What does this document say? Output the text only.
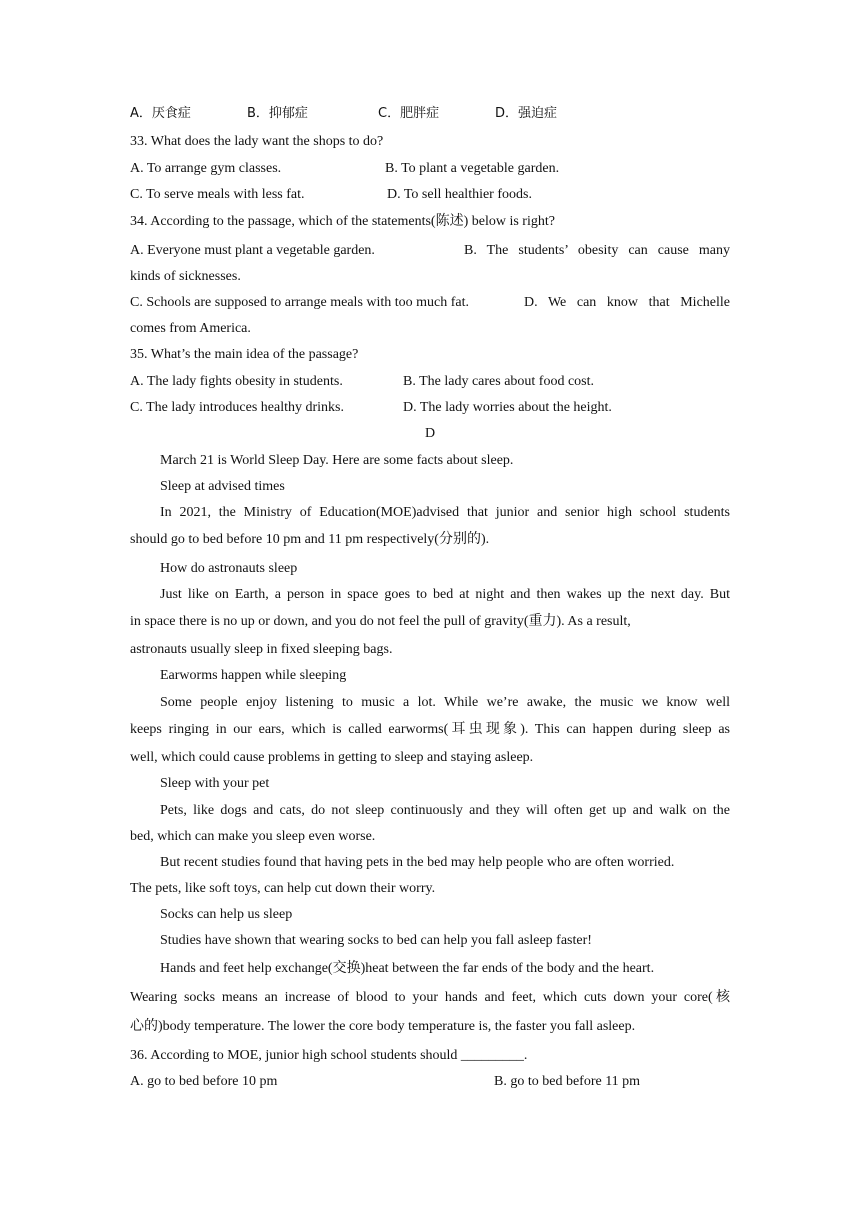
A．厌食症	B．抑郁症	C．肥胖症	D．强迫症
33. What does the lady want the shops to do?
A. To arrange gym classes.	B. To plant a vegetable garden.
C. To serve meals with less fat.	D. To sell healthier foods.
34. According to the passage, which of the statements(陈述) below is right?
A. Everyone must plant a vegetable garden.	B. The students’ obesity can cause many
kinds of sicknesses.
C. Schools are supposed to arrange meals with too much fat.	D. We can know that Michelle
comes from America.
35. What’s the main idea of the passage?
A. The lady fights obesity in students.	B. The lady cares about food cost.
C. The lady introduces healthy drinks.	D. The lady worries about the height.
D
March 21 is World Sleep Day. Here are some facts about sleep.
Sleep at advised times
In 2021, the Ministry of Education(MOE)advised that junior and senior high school students
should go to bed before 10 pm and 11 pm respectively(分别的).
How do astronauts sleep
Just like on Earth, a person in space goes to bed at night and then wakes up the next day. But
in space there is no up or down, and you do not feel the pull of gravity(重力). As a result,
astronauts usually sleep in fixed sleeping bags.
Earworms happen while sleeping
Some people enjoy listening to music a lot. While we’re awake, the music we know well
keeps ringing in our ears, which is called earworms(耳虫现象). This can happen during sleep as
well, which could cause problems in getting to sleep and staying asleep.
Sleep with your pet
Pets, like dogs and cats, do not sleep continuously and they will often get up and walk on the
bed, which can make you sleep even worse.
But recent studies found that having pets in the bed may help people who are often worried.
The pets, like soft toys, can help cut down their worry.
Socks can help us sleep
Studies have shown that wearing socks to bed can help you fall asleep faster!
Hands and feet help exchange(交换)heat between the far ends of the body and the heart.
Wearing socks means an increase of blood to your hands and feet, which cuts down your core(核
心的)body temperature. The lower the core body temperature is, the faster you fall asleep.
36. According to MOE, junior high school students should _________.
A. go to bed before 10 pm	B. go to bed before 11 pm
